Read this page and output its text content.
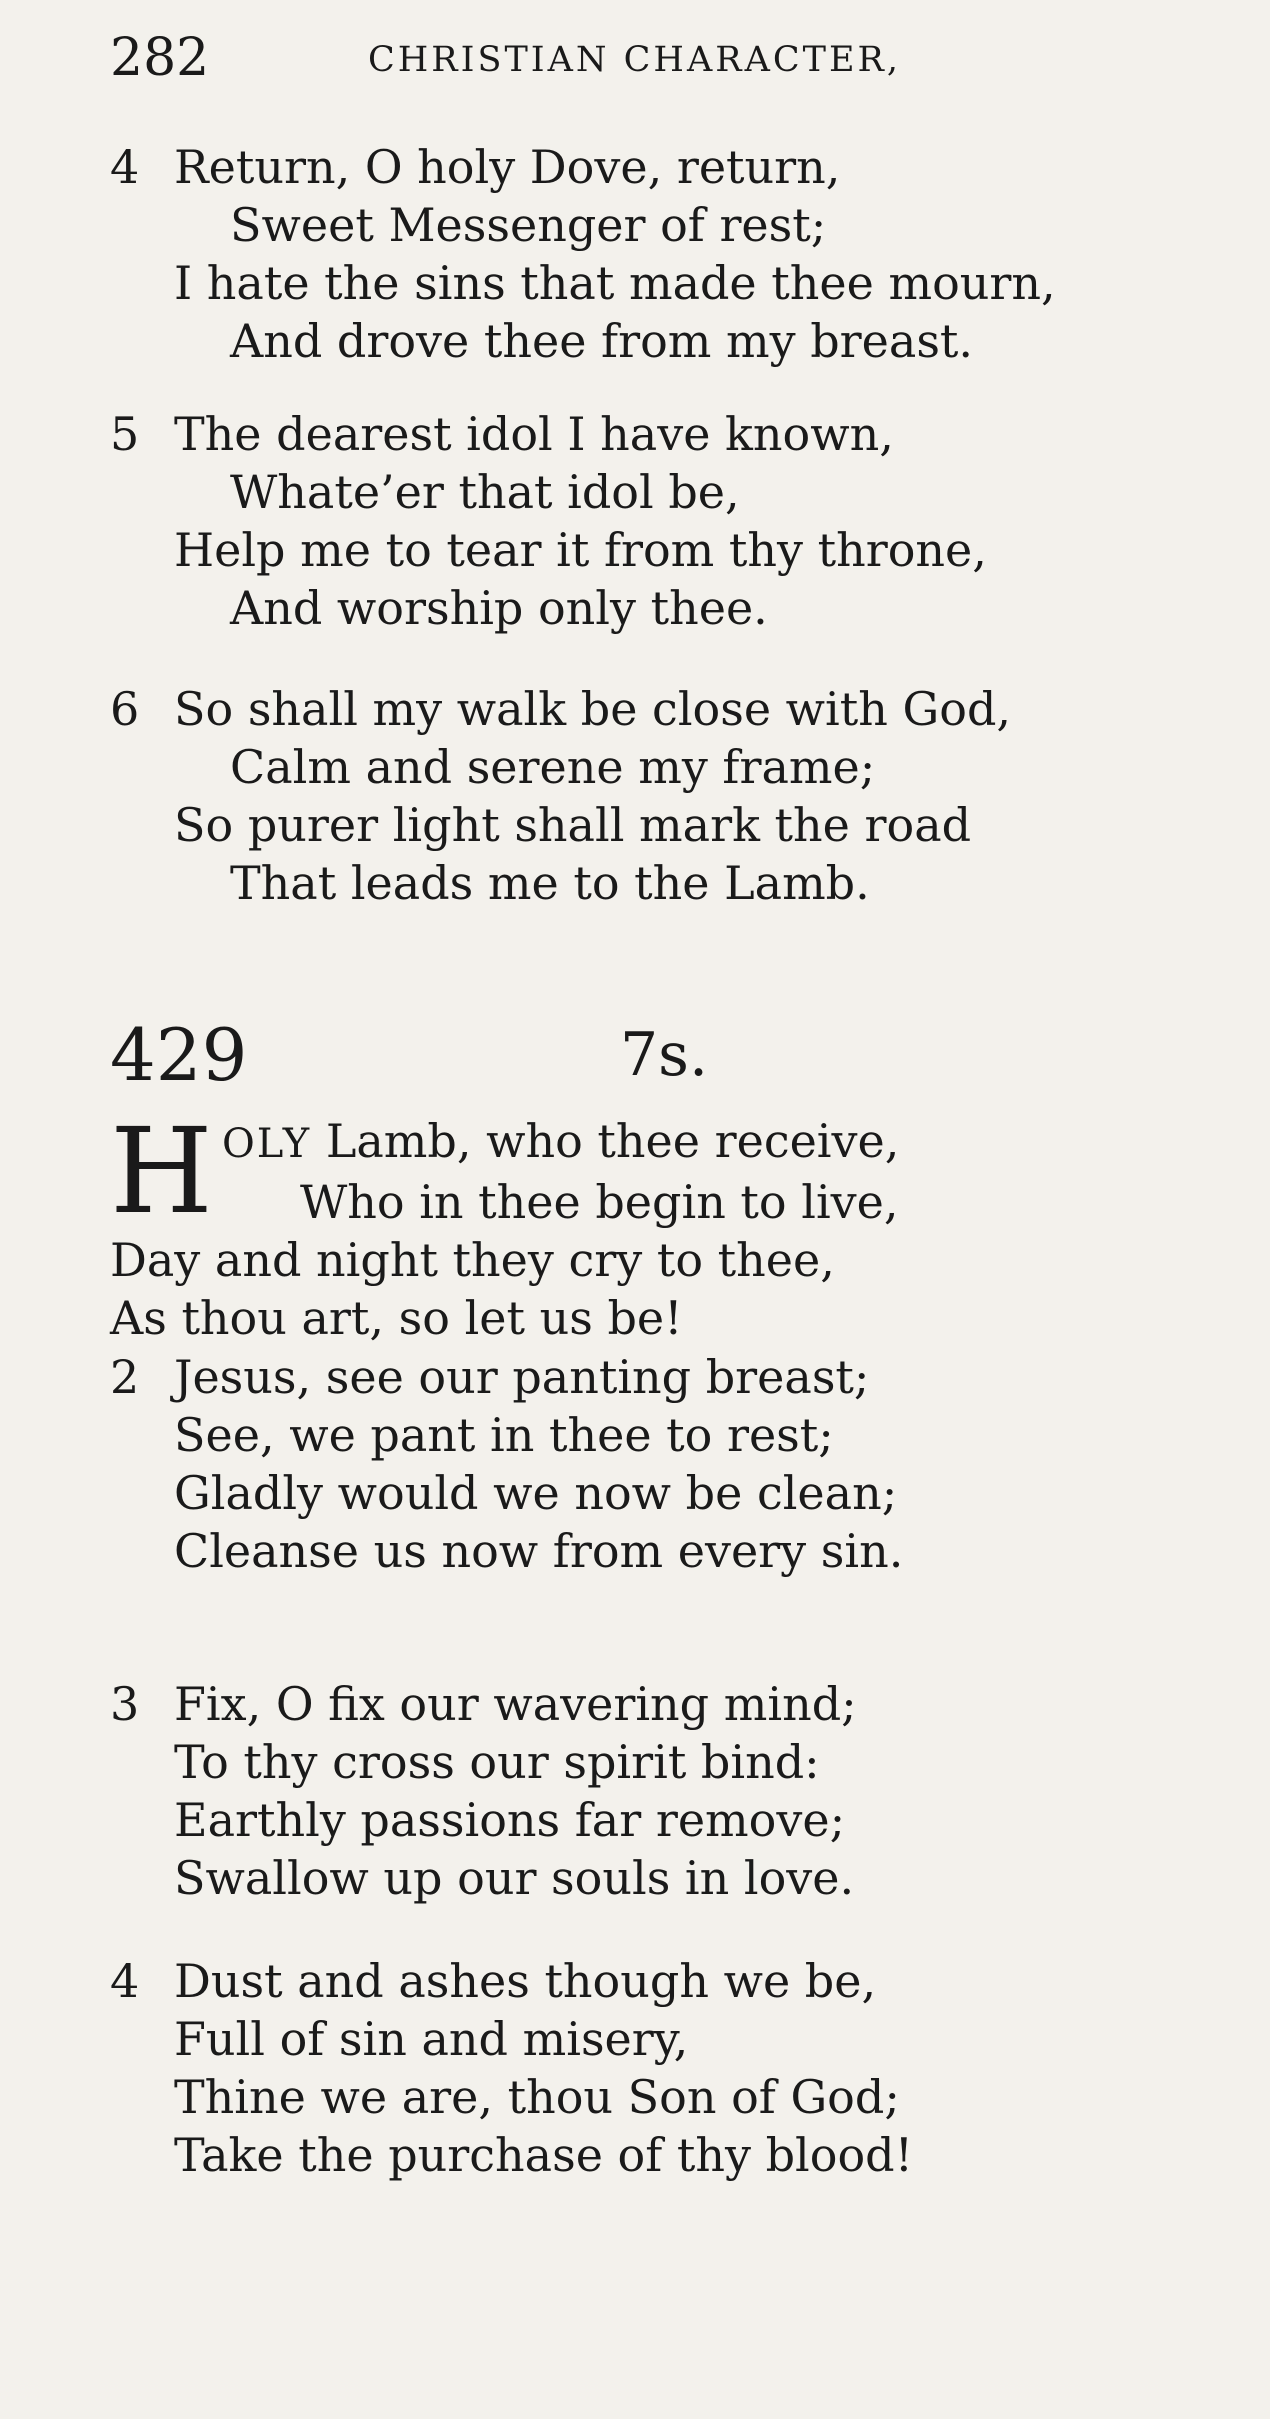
282	CHRISTIAN CHARACTER,
4 Return, O holy Dove, return,
Sweet Messenger of rest;
I hate the sins that made thee mourn,
And drove thee from my breast.
5 The dearest idol I have known,
Whate’er that idol be,
Help me to tear it from thy throne,
And worship only thee.
6 So shall my walk be close with God,
Calm and serene my frame;
So purer light shall mark the road
That leads me to the Lamb.
429	7s.
H OLY Lamb, who thee receive,
Who in thee begin to live,
Day and night they cry to thee,
As thou art, so let us be!
2 Jesus, see our panting breast;
See, we pant in thee to rest;
Gladly would we now be clean;
Cleanse us now from every sin.
3 Fix, O fix our wavering mind;
To thy cross our spirit bind:
Earthly passions far remove;
Swallow up our souls in love.
4 Dust and ashes though we be,
Full of sin and misery,
Thine we are, thou Son of God;
Take the purchase of thy blood!
